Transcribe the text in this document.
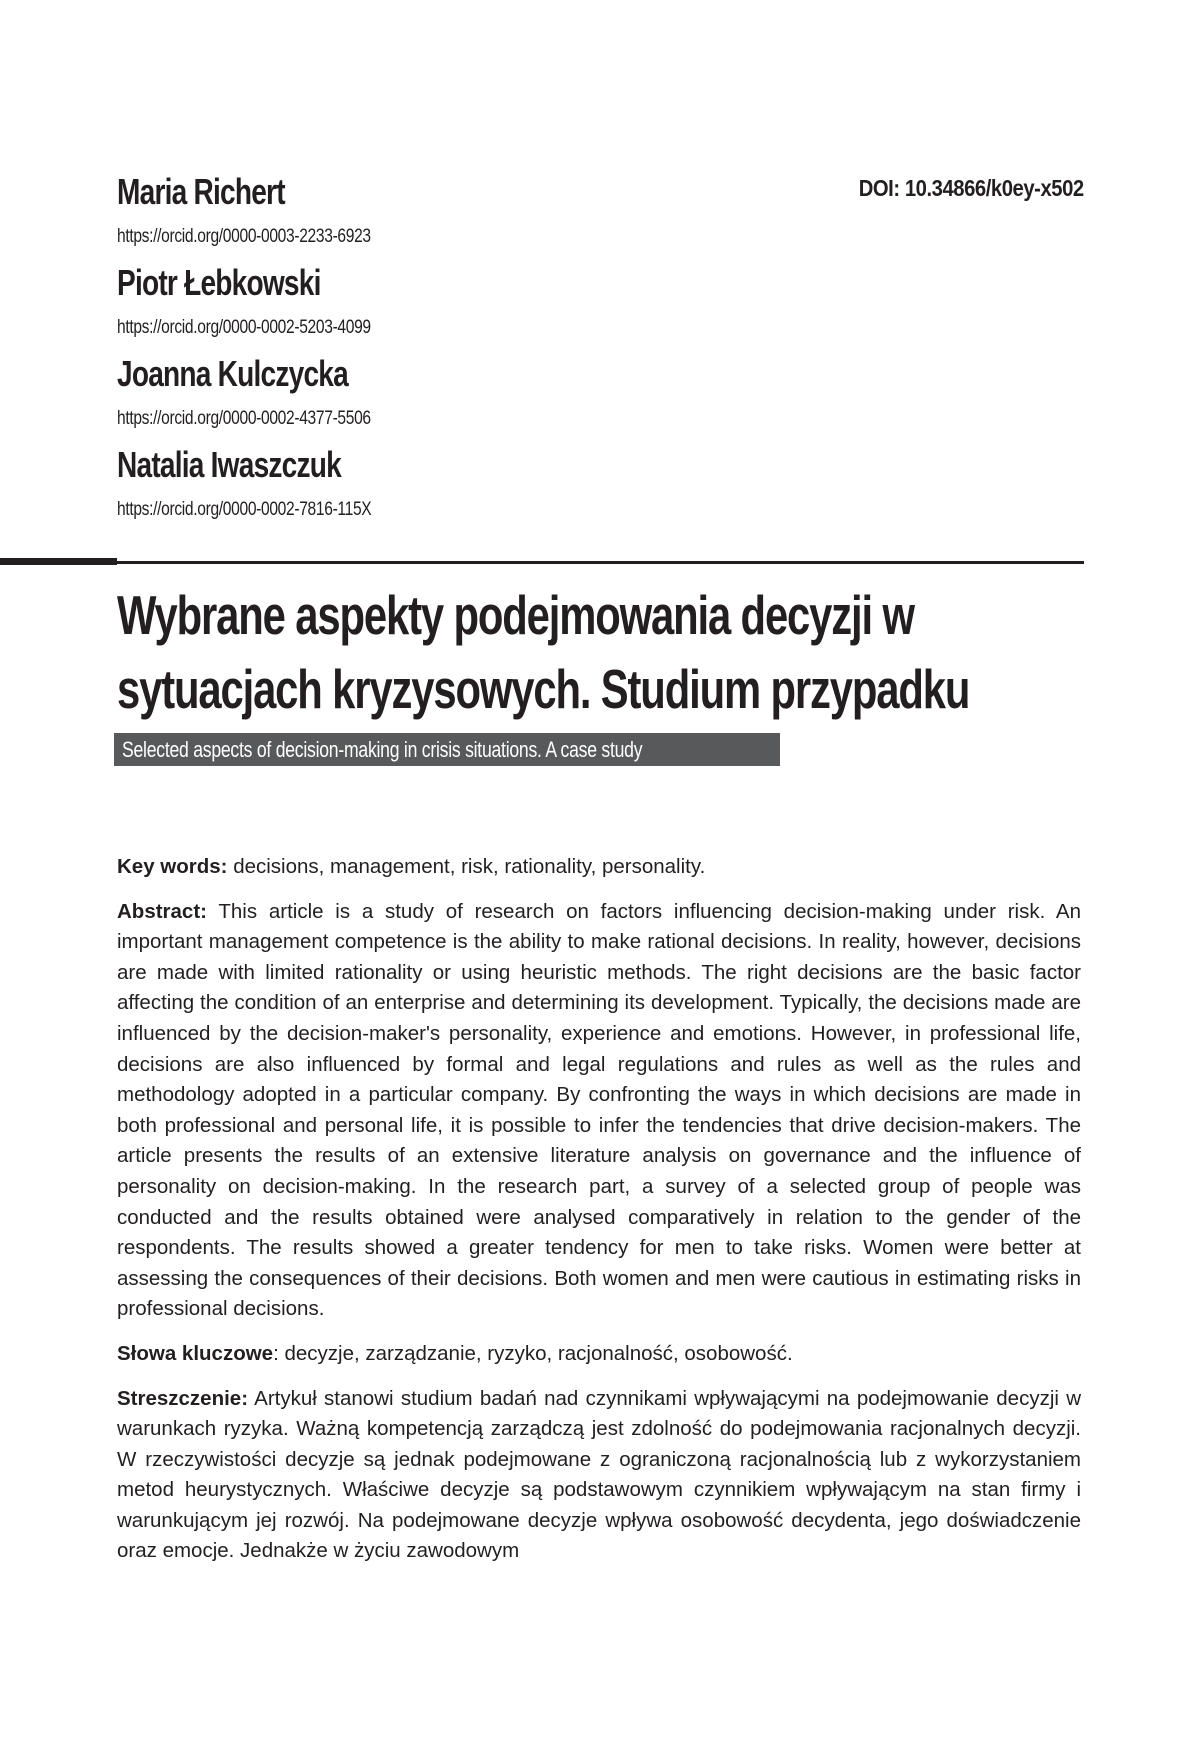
DOI: 10.34866/k0ey-x502
Maria Richert
https://orcid.org/0000-0003-2233-6923
Piotr Łebkowski
https://orcid.org/0000-0002-5203-4099
Joanna Kulczycka
https://orcid.org/0000-0002-4377-5506
Natalia Iwaszczuk
https://orcid.org/0000-0002-7816-115X
Wybrane aspekty podejmowania decyzji w sytuacjach kryzysowych. Studium przypadku
Selected aspects of decision-making in crisis situations. A case study

Key words: decisions, management, risk, rationality, personality.

Abstract: This article is a study of research on factors influencing decision-making under risk. An important management competence is the ability to make rational decisions. In reality, however, decisions are made with limited rationality or using heuristic methods. The right decisions are the basic factor affecting the condition of an enterprise and determining its development. Typically, the decisions made are influenced by the decision-maker's personality, experience and emotions. However, in professional life, decisions are also influenced by formal and legal regulations and rules as well as the rules and methodology adopted in a particular company. By confronting the ways in which decisions are made in both professional and personal life, it is possible to infer the tendencies that drive decision-makers. The article presents the results of an extensive literature analysis on governance and the influence of personality on decision-making. In the research part, a survey of a selected group of people was conducted and the results obtained were analysed comparatively in relation to the gender of the respondents. The results showed a greater tendency for men to take risks. Women were better at assessing the consequences of their decisions. Both women and men were cautious in estimating risks in professional decisions.

Słowa kluczowe: decyzje, zarządzanie, ryzyko, racjonalność, osobowość.

Streszczenie: Artykuł stanowi studium badań nad czynnikami wpływającymi na podejmowanie decyzji w warunkach ryzyka. Ważną kompetencją zarządczą jest zdolność do podejmowania racjonalnych decyzji. W rzeczywistości decyzje są jednak podejmowane z ograniczoną racjonalnością lub z wykorzystaniem metod heurystycznych. Właściwe decyzje są podstawowym czynnikiem wpływającym na stan firmy i warunkującym jej rozwój. Na podejmowane decyzje wpływa osobowość decydenta, jego doświadczenie oraz emocje. Jednakże w życiu zawodowym
